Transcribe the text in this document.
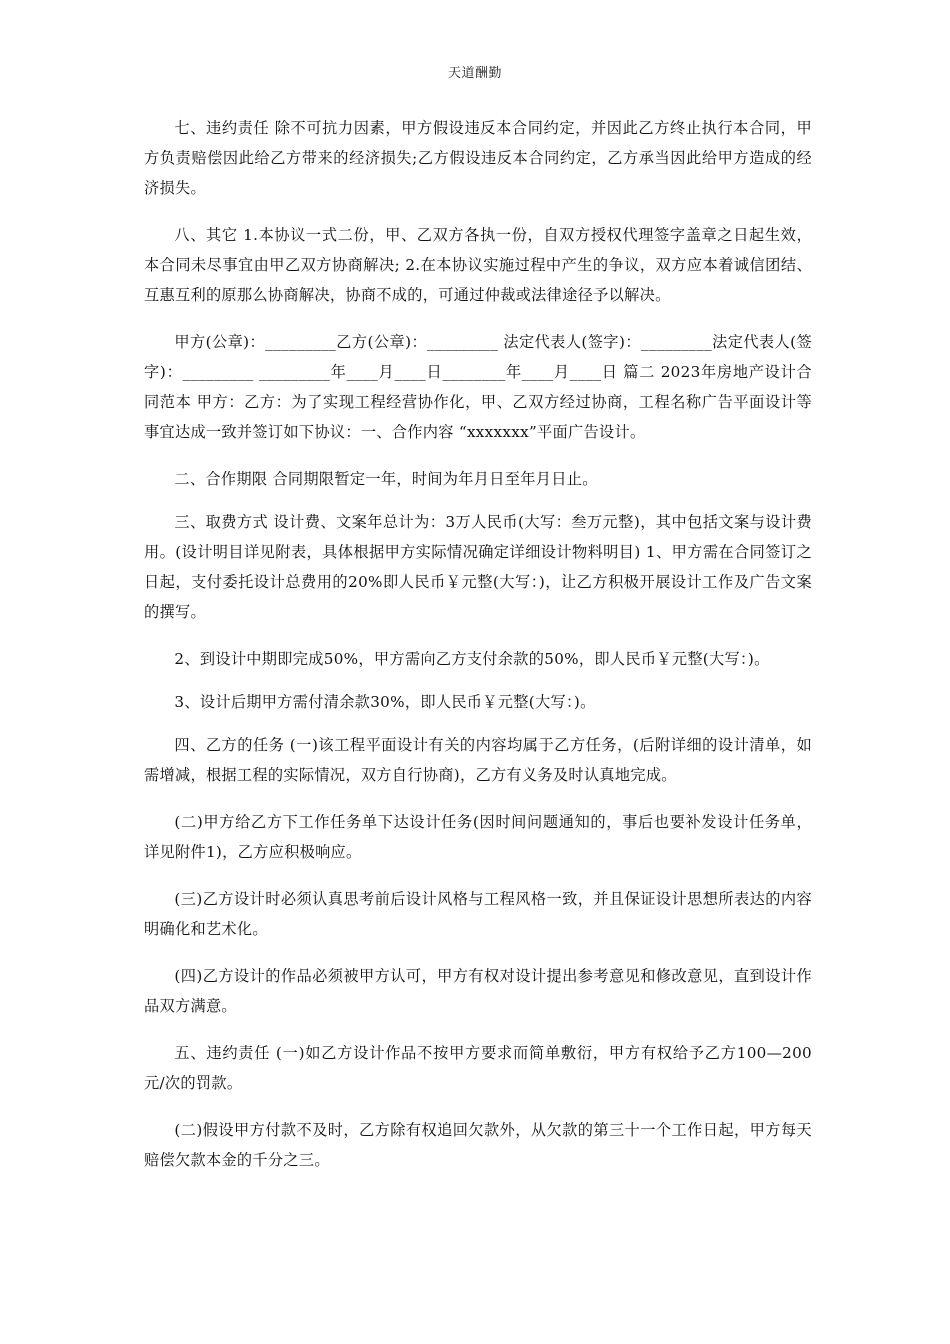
天道酬勤

七、违约责任 除不可抗力因素，甲方假设违反本合同约定，并因此乙方终止执行本合同，甲方负责赔偿因此给乙方带来的经济损失;乙方假设违反本合同约定，乙方承当因此给甲方造成的经济损失。

八、其它 1.本协议一式二份，甲、乙双方各执一份，自双方授权代理签字盖章之日起生效，本合同未尽事宜由甲乙双方协商解决; 2.在本协议实施过程中产生的争议，双方应本着诚信团结、互惠互利的原那么协商解决，协商不成的，可通过仲裁或法律途径予以解决。

甲方(公章)：_________乙方(公章)：_________ 法定代表人(签字)：_________法定代表人(签字)：_________ _________年____月____日________年____月____日 篇二 2023年房地产设计合同范本 甲方：乙方：为了实现工程经营协作化，甲、乙双方经过协商，工程名称广告平面设计等事宜达成一致并签订如下协议：一、合作内容 “xxxxxxx”平面广告设计。

二、合作期限 合同期限暂定一年，时间为年月日至年月日止。

三、取费方式 设计费、文案年总计为：3万人民币(大写：叁万元整)，其中包括文案与设计费用。(设计明目详见附表，具体根据甲方实际情况确定详细设计物料明目) 1、甲方需在合同签订之日起，支付委托设计总费用的20%即人民币￥元整(大写：)，让乙方积极开展设计工作及广告文案的撰写。

2、到设计中期即完成50%，甲方需向乙方支付余款的50%，即人民币￥元整(大写：)。

3、设计后期甲方需付清余款30%，即人民币￥元整(大写：)。

四、乙方的任务 (一)该工程平面设计有关的内容均属于乙方任务，(后附详细的设计清单，如需增减，根据工程的实际情况，双方自行协商)，乙方有义务及时认真地完成。

(二)甲方给乙方下工作任务单下达设计任务(因时间问题通知的，事后也要补发设计任务单，详见附件1)，乙方应积极响应。

(三)乙方设计时必须认真思考前后设计风格与工程风格一致，并且保证设计思想所表达的内容明确化和艺术化。

(四)乙方设计的作品必须被甲方认可，甲方有权对设计提出参考意见和修改意见，直到设计作品双方满意。

五、违约责任 (一)如乙方设计作品不按甲方要求而简单敷衍，甲方有权给予乙方100—200元/次的罚款。

(二)假设甲方付款不及时，乙方除有权追回欠款外，从欠款的第三十一个工作日起，甲方每天赔偿欠款本金的千分之三。
